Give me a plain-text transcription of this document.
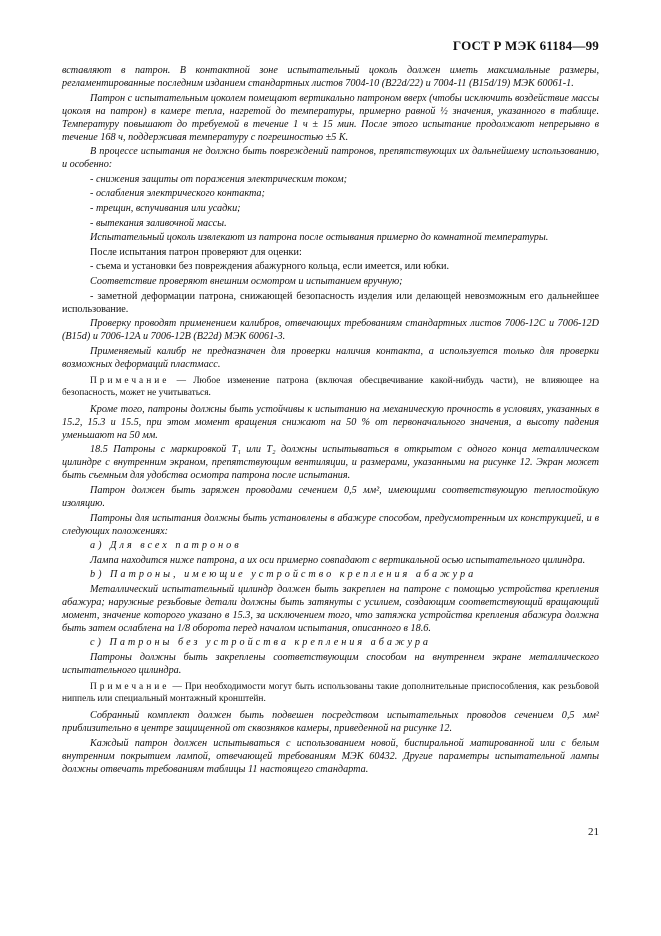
ГОСТ Р МЭК 61184—99

вставляют в патрон. В контактной зоне испытательный цоколь должен иметь максимальные размеры, регламентированные последним изданием стандартных листов 7004-10 (B22d/22) и 7004-11 (B15d/19) МЭК 60061-1.

Патрон с испытательным цоколем помещают вертикально патроном вверх (чтобы исключить воздействие массы цоколя на патрон) в камере тепла, нагретой до температуры, примерно равной ½ значения, указанного в таблице. Температуру повышают до требуемой в течение 1 ч ± 15 мин. После этого испытание продолжают непрерывно в течение 168 ч, поддерживая температуру с погрешностью ±5 К.

В процессе испытания не должно быть повреждений патронов, препятствующих их дальнейшему использованию, и особенно:

- снижения защиты от поражения электрическим током;

- ослабления электрического контакта;

- трещин, вспучивания или усадки;

- вытекания заливочной массы.

Испытательный цоколь извлекают из патрона после остывания примерно до комнатной температуры.

После испытания патрон проверяют для оценки:

- съема и установки без повреждения абажурного кольца, если имеется, или юбки.

Соответствие проверяют внешним осмотром и испытанием вручную;

- заметной деформации патрона, снижающей безопасность изделия или делающей невозможным его дальнейшее использование.

Проверку проводят применением калибров, отвечающих требованиям стандартных листов 7006-12C и 7006-12D (B15d) и 7006-12A и 7006-12B (B22d) МЭК 60061-3.

Применяемый калибр не предназначен для проверки наличия контакта, а используется только для проверки возможных деформаций пластмасс.

Примечание — Любое изменение патрона (включая обесцвечивание какой-нибудь части), не влияющее на безопасность, может не учитываться.

Кроме того, патроны должны быть устойчивы к испытанию на механическую прочность в условиях, указанных в 15.2, 15.3 и 15.5, при этом момент вращения снижают на 50 % от первоначального значения, а высоту падения уменьшают на 50 мм.

18.5 Патроны с маркировкой T₁ или T₂ должны испытываться в открытом с одного конца металлическом цилиндре с внутренним экраном, препятствующим вентиляции, и размерами, указанными на рисунке 12. Экран может быть съемным для удобства осмотра патрона после испытания.

Патрон должен быть заряжен проводами сечением 0,5 мм², имеющими соответствующую теплостойкую изоляцию.

Патроны для испытания должны быть установлены в абажуре способом, предусмотренным их конструкцией, и в следующих положениях:

а) Для всех патронов

Лампа находится ниже патрона, а их оси примерно совпадают с вертикальной осью испытательного цилиндра.

b) Патроны, имеющие устройство крепления абажура

Металлический испытательный цилиндр должен быть закреплен на патроне с помощью устройства крепления абажура; наружные резьбовые детали должны быть затянуты с усилием, создающим соответствующий вращающий момент, значение которого указано в 15.3, за исключением того, что затяжка устройства крепления абажура должна быть затем ослаблена на 1/8 оборота перед началом испытания, описанного в 18.6.

с) Патроны без устройства крепления абажура

Патроны должны быть закреплены соответствующим способом на внутреннем экране металлического испытательного цилиндра.

Примечание — При необходимости могут быть использованы такие дополнительные приспособления, как резьбовой ниппель или специальный монтажный кронштейн.

Собранный комплект должен быть подвешен посредством испытательных проводов сечением 0,5 мм² приблизительно в центре защищенной от сквозняков камеры, приведенной на рисунке 12.

Каждый патрон должен испытываться с использованием новой, биспиральной матированной или с белым внутренним покрытием лампой, отвечающей требованиям МЭК 60432. Другие параметры испытательной лампы должны отвечать требованиям таблицы 11 настоящего стандарта.

21
